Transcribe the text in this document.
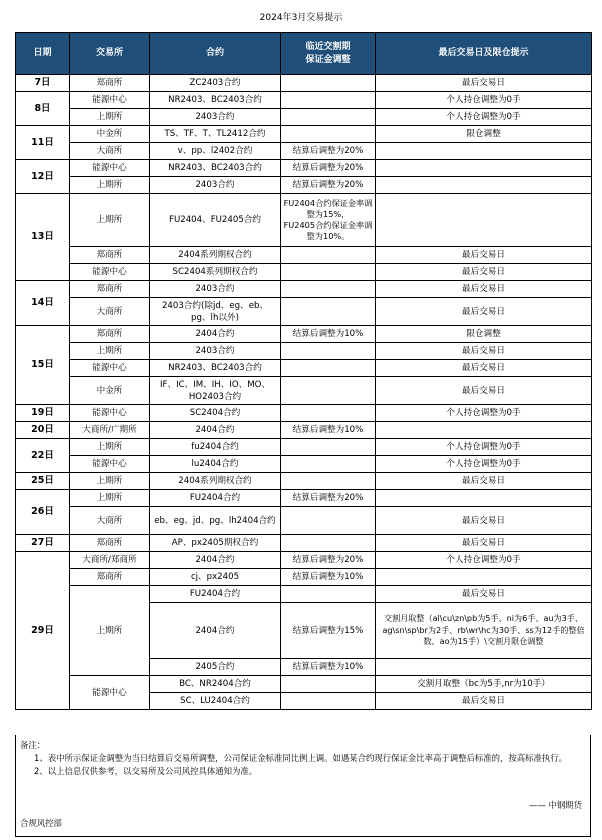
2024年3月交易提示
日期	交易所	合约	临近交割期
保证金调整	最后交易日及限仓提示
7日	郑商所	ZC2403合约		最后交易日
8日	能源中心	NR2403、BC2403合约		个人持仓调整为0手
	上期所	2403合约		个人持仓调整为0手
11日	中金所	TS、TF、T、TL2412合约		限仓调整
	大商所	v、pp、l2402合约	结算后调整为20%	
12日	能源中心	NR2403、BC2403合约	结算后调整为20%	
	上期所	2403合约	结算后调整为20%	
13日	上期所	FU2404、FU2405合约	FU2404合约保证金率调整为15%，
FU2405合约保证金率调整为10%。	
	郑商所	2404系列期权合约		最后交易日
	能源中心	SC2404系列期权合约		最后交易日
14日	郑商所	2403合约		最后交易日
	大商所	2403合约(除jd、eg、eb、pg、lh以外)		最后交易日
15日	郑商所	2404合约	结算后调整为10%	限仓调整
	上期所	2403合约		最后交易日
	能源中心	NR2403、BC2403合约		最后交易日
	中金所	IF、IC、IM、IH、IO、MO、HO2403合约		最后交易日
19日	能源中心	SC2404合约		个人持仓调整为0手
20日	大商所/广期所	2404合约	结算后调整为10%	
22日	上期所	fu2404合约		个人持仓调整为0手
	能源中心	lu2404合约		个人持仓调整为0手
25日	上期所	2404系列期权合约		最后交易日
26日	上期所	FU2404合约	结算后调整为20%	
	大商所	eb、eg、jd、pg、lh2404合约		最后交易日
27日	郑商所	AP、px2405期权合约		最后交易日
29日	大商所/郑商所	2404合约	结算后调整为20%	个人持仓调整为0手
	郑商所	cj、px2405	结算后调整为10%	
	上期所	FU2404合约		最后交易日
		2404合约	结算后调整为15%	交割月取整（al\cu\zn\pb为5手、ni为6手、au为3手、ag\sn\sp\br为2手、rb\wr\hc为30手、ss为12手的整倍数、ao为15手）\交割月限仓调整
		2405合约	结算后调整为10%	
	能源中心	BC、NR2404合约		交割月取整（bc为5手,nr为10手）
		SC、LU2404合约		最后交易日

备注：

1、表中所示保证金调整为当日结算后交易所调整，公司保证金标准同比例上调。如遇某合约现行保证金比率高于调整后标准的，按高标准执行。

2、以上信息仅供参考，以交易所及公司风控具体通知为准。

—— 中钢期货
合规风控部
